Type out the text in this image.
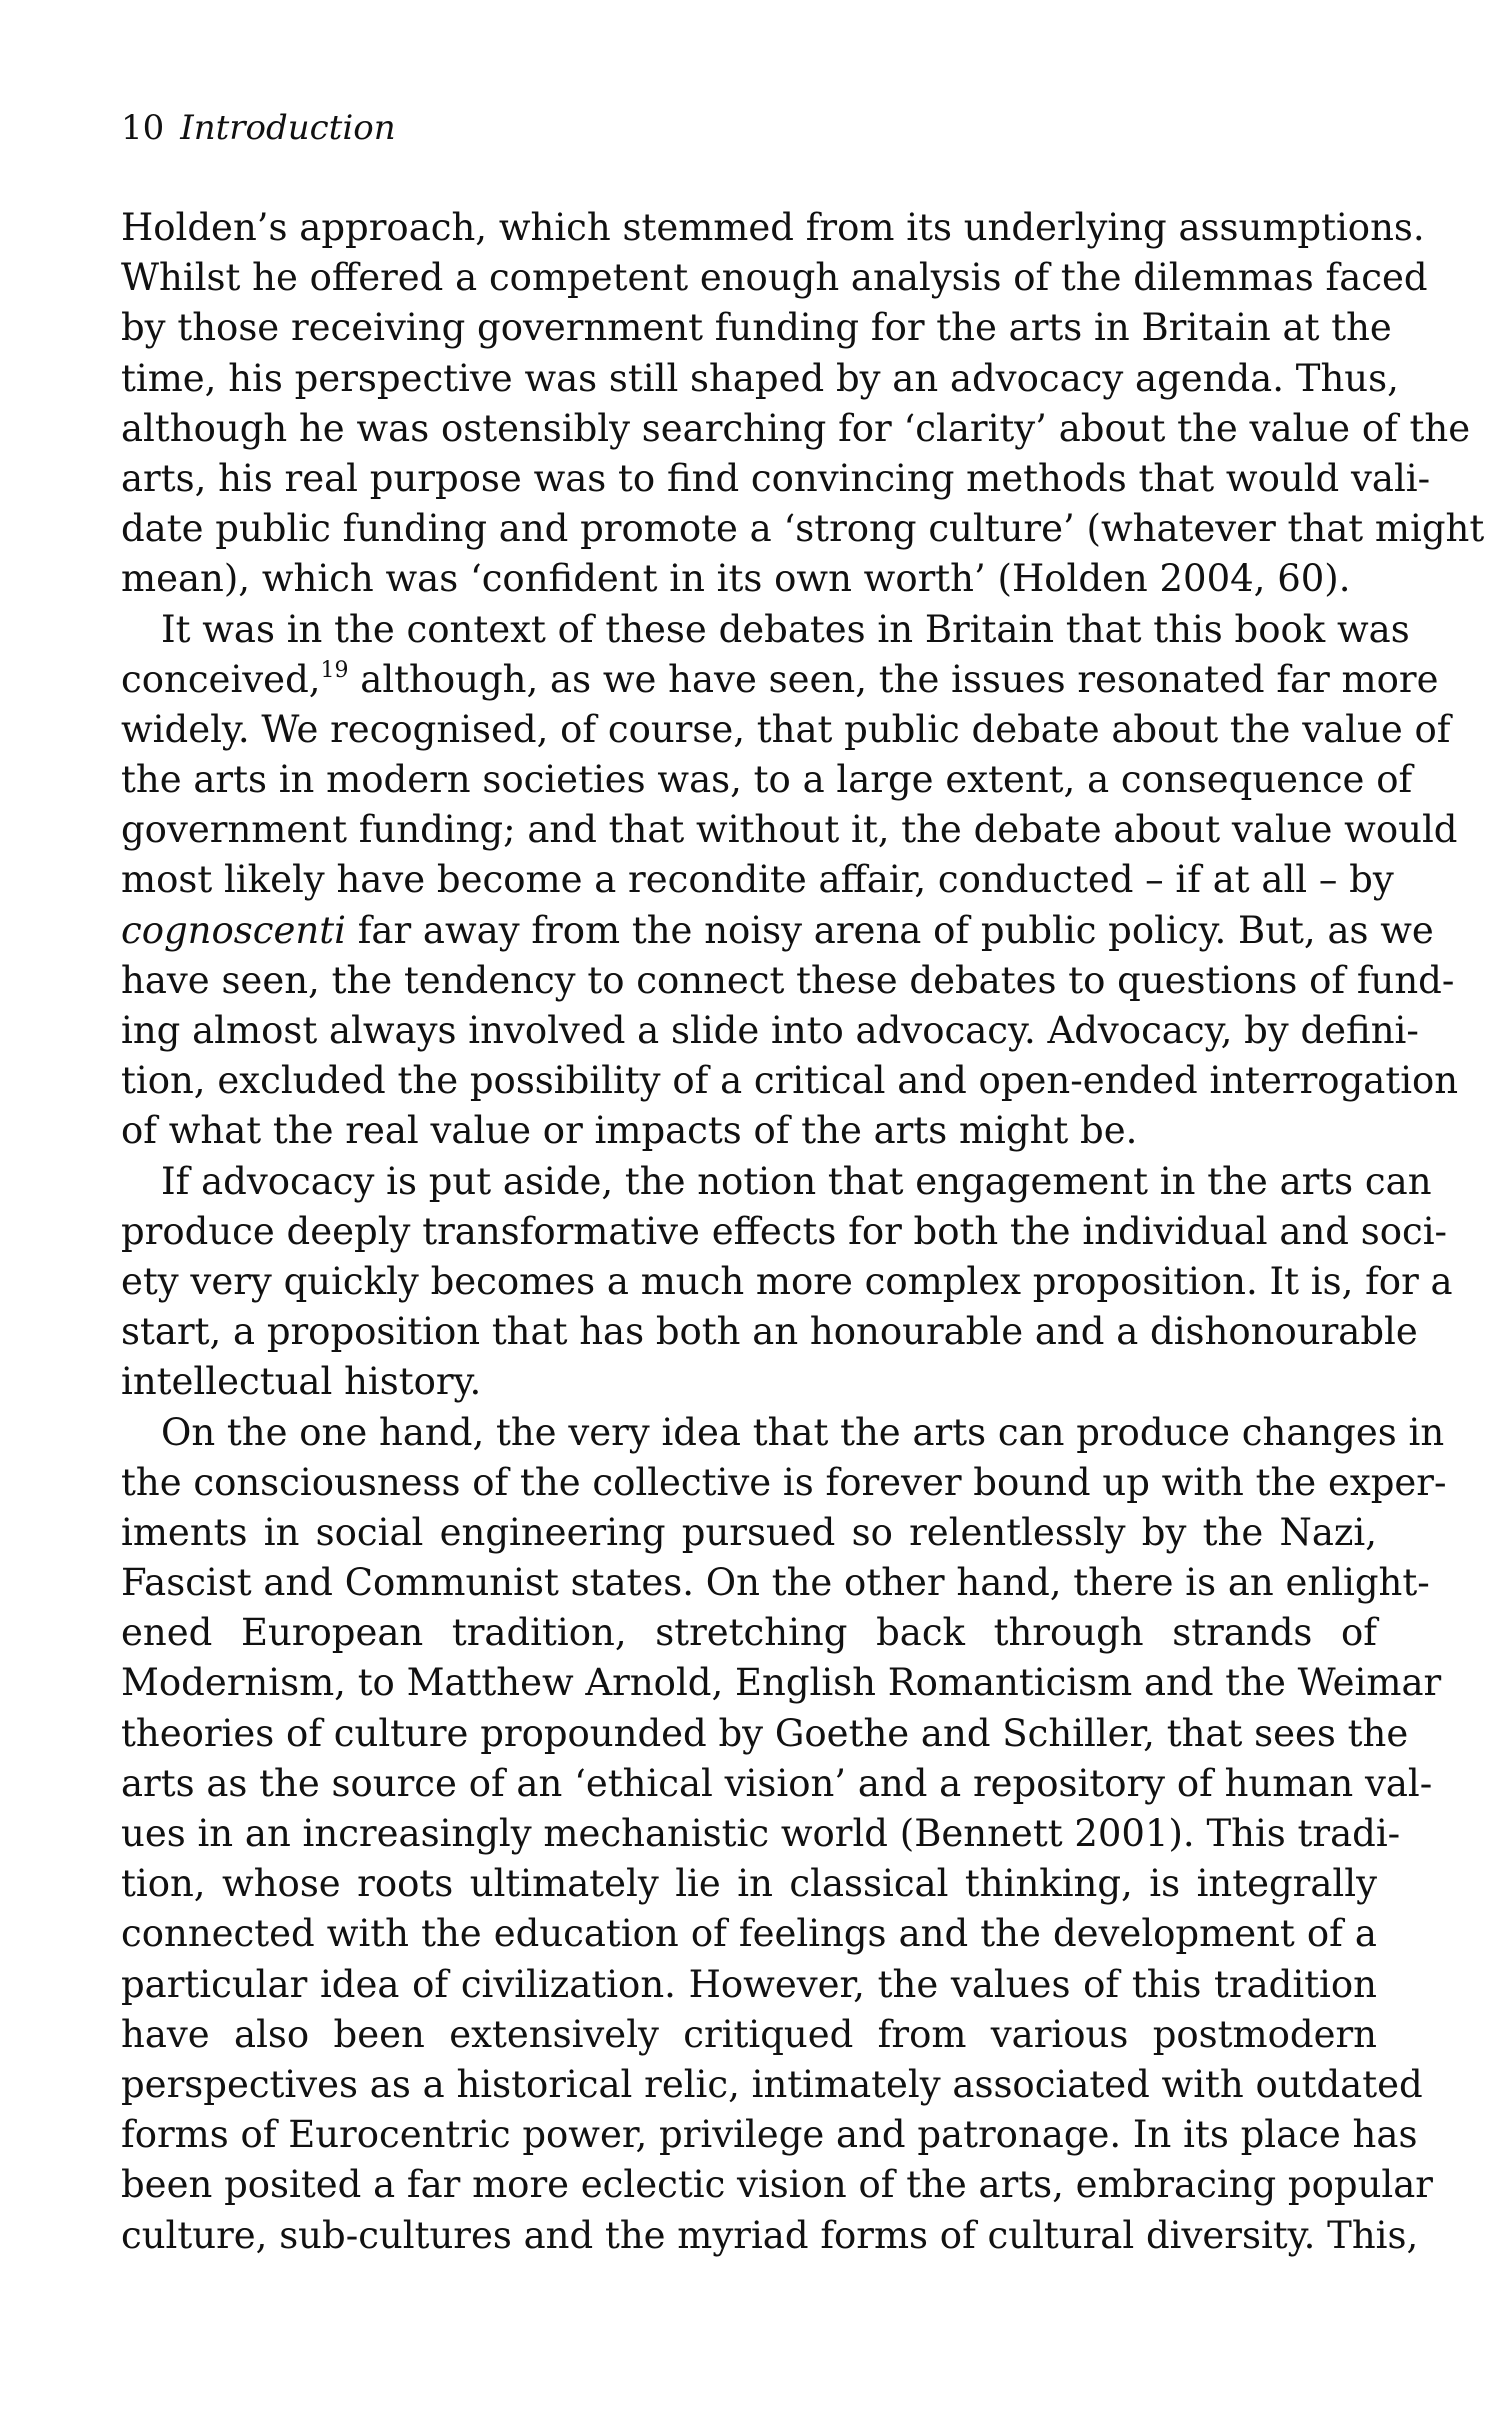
10 Introduction
Holden’s approach, which stemmed from its underlying assumptions.
Whilst he offered a competent enough analysis of the dilemmas faced
by those receiving government funding for the arts in Britain at the
time, his perspective was still shaped by an advocacy agenda. Thus,
although he was ostensibly searching for ‘clarity’ about the value of the
arts, his real purpose was to find convincing methods that would vali-
date public funding and promote a ‘strong culture’ (whatever that might
mean), which was ‘confident in its own worth’ (Holden 2004, 60).
It was in the context of these debates in Britain that this book was
conceived,$^{19}$ although, as we have seen, the issues resonated far more
widely. We recognised, of course, that public debate about the value of
the arts in modern societies was, to a large extent, a consequence of
government funding; and that without it, the debate about value would
most likely have become a recondite affair, conducted – if at all – by
cognoscenti far away from the noisy arena of public policy. But, as we
have seen, the tendency to connect these debates to questions of fund-
ing almost always involved a slide into advocacy. Advocacy, by defini-
tion, excluded the possibility of a critical and open-ended interrogation
of what the real value or impacts of the arts might be.
If advocacy is put aside, the notion that engagement in the arts can
produce deeply transformative effects for both the individual and soci-
ety very quickly becomes a much more complex proposition. It is, for a
start, a proposition that has both an honourable and a dishonourable
intellectual history.
On the one hand, the very idea that the arts can produce changes in
the consciousness of the collective is forever bound up with the exper-
iments in social engineering pursued so relentlessly by the Nazi,
Fascist and Communist states. On the other hand, there is an enlight-
ened European tradition, stretching back through strands of
Modernism, to Matthew Arnold, English Romanticism and the Weimar
theories of culture propounded by Goethe and Schiller, that sees the
arts as the source of an ‘ethical vision’ and a repository of human val-
ues in an increasingly mechanistic world (Bennett 2001). This tradi-
tion, whose roots ultimately lie in classical thinking, is integrally
connected with the education of feelings and the development of a
particular idea of civilization. However, the values of this tradition
have also been extensively critiqued from various postmodern
perspectives as a historical relic, intimately associated with outdated
forms of Eurocentric power, privilege and patronage. In its place has
been posited a far more eclectic vision of the arts, embracing popular
culture, sub-cultures and the myriad forms of cultural diversity. This,
